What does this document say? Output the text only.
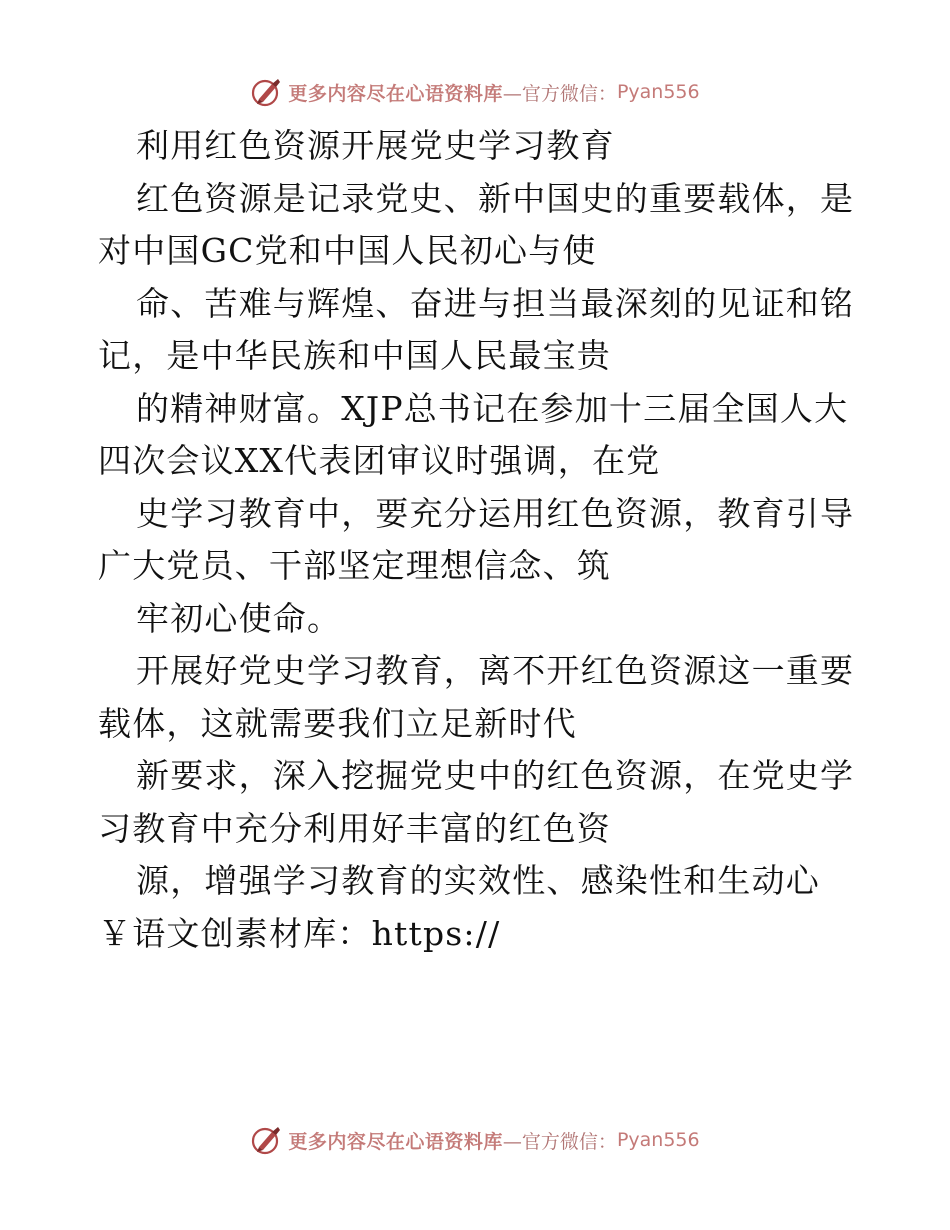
更多内容尽在心语资料库 —官方微信： Pyan556
利用红色资源开展党史学习教育
红色资源是记录党史、新中国史的重要载体，是
对中国GC党和中国人民初心与使
命、苦难与辉煌、奋进与担当最深刻的见证和铭
记，是中华民族和中国人民最宝贵
的精神财富。XJP总书记在参加十三届全国人大
四次会议XX代表团审议时强调，在党
史学习教育中，要充分运用红色资源，教育引导
广大党员、干部坚定理想信念、筑
牢初心使命。
开展好党史学习教育，离不开红色资源这一重要
载体，这就需要我们立足新时代
新要求，深入挖掘党史中的红色资源，在党史学
习教育中充分利用好丰富的红色资
源，增强学习教育的实效性、感染性和生动心
￥语文创素材库：https://
更多内容尽在心语资料库 —官方微信： Pyan556
